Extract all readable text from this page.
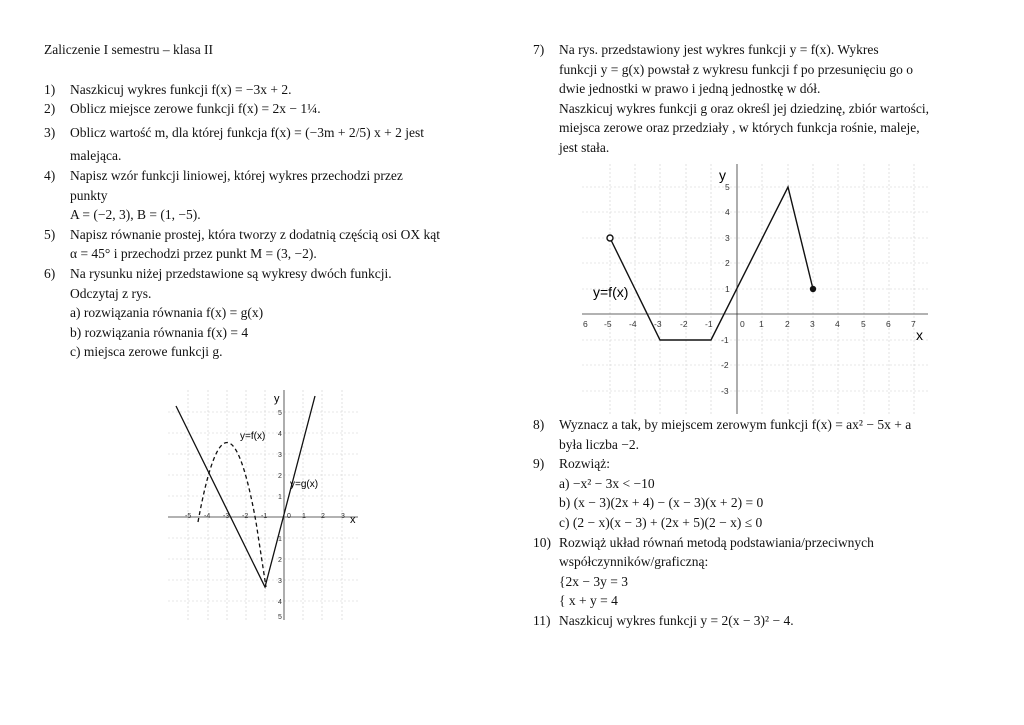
Zaliczenie I semestru – klasa II
1)	Naszkicuj wykres funkcji f(x) = −3x + 2.
2)	Oblicz miejsce zerowe funkcji f(x) = 2x − 1¼.
3)	Oblicz wartość m, dla której funkcja f(x) = (−3m + 2/5) x + 2 jest
malejąca.
4)	Napisz wzór funkcji liniowej, której wykres przechodzi przez
punkty
A = (−2, 3), B = (1, −5).
5)	Napisz równanie prostej, która tworzy z dodatnią częścią osi OX kąt
α = 45° i przechodzi przez punkt M = (3, −2).
6)	Na rysunku niżej przedstawione są wykresy dwóch funkcji.
Odczytaj z rys.
a) rozwiązania równania f(x) = g(x)
b) rozwiązania równania f(x) = 4
c) miejsca zerowe funkcji g.
y
x
y=f(x)
y=g(x)
-5 -4 -3 -2 -1	0 1 2 3
1
2
3
4
5
1
2
3
4
5
7)	Na rys. przedstawiony jest wykres funkcji y = f(x). Wykres
funkcji y = g(x) powstał z wykresu funkcji f po przesunięciu go o
dwie jednostki w prawo i jedną jednostkę w dół.
Naszkicuj wykres funkcji g oraz określ jej dziedzinę, zbiór wartości,
miejsca zerowe oraz przedziały , w których funkcja rośnie, maleje,
jest stała.
y
x
y=f(x)
6 -5 -4 -3 -2 -1	0 1	2 3 4	5 6 7
5
4
3
2
1
-1
-2
-3
8)	Wyznacz a tak, by miejscem zerowym funkcji f(x) = ax² − 5x + a
była liczba −2.
9)	Rozwiąż:
a) −x² − 3x < −10
b) (x − 3)(2x + 4) − (x − 3)(x + 2) = 0
c) (2 − x)(x − 3) + (2x + 5)(2 − x) ≤ 0
10) Rozwiąż układ równań metodą podstawiania/przeciwnych
współczynników/graficzną:
{2x − 3y = 3
{ x + y = 4
11) Naszkicuj wykres funkcji y = 2(x − 3)² − 4.
